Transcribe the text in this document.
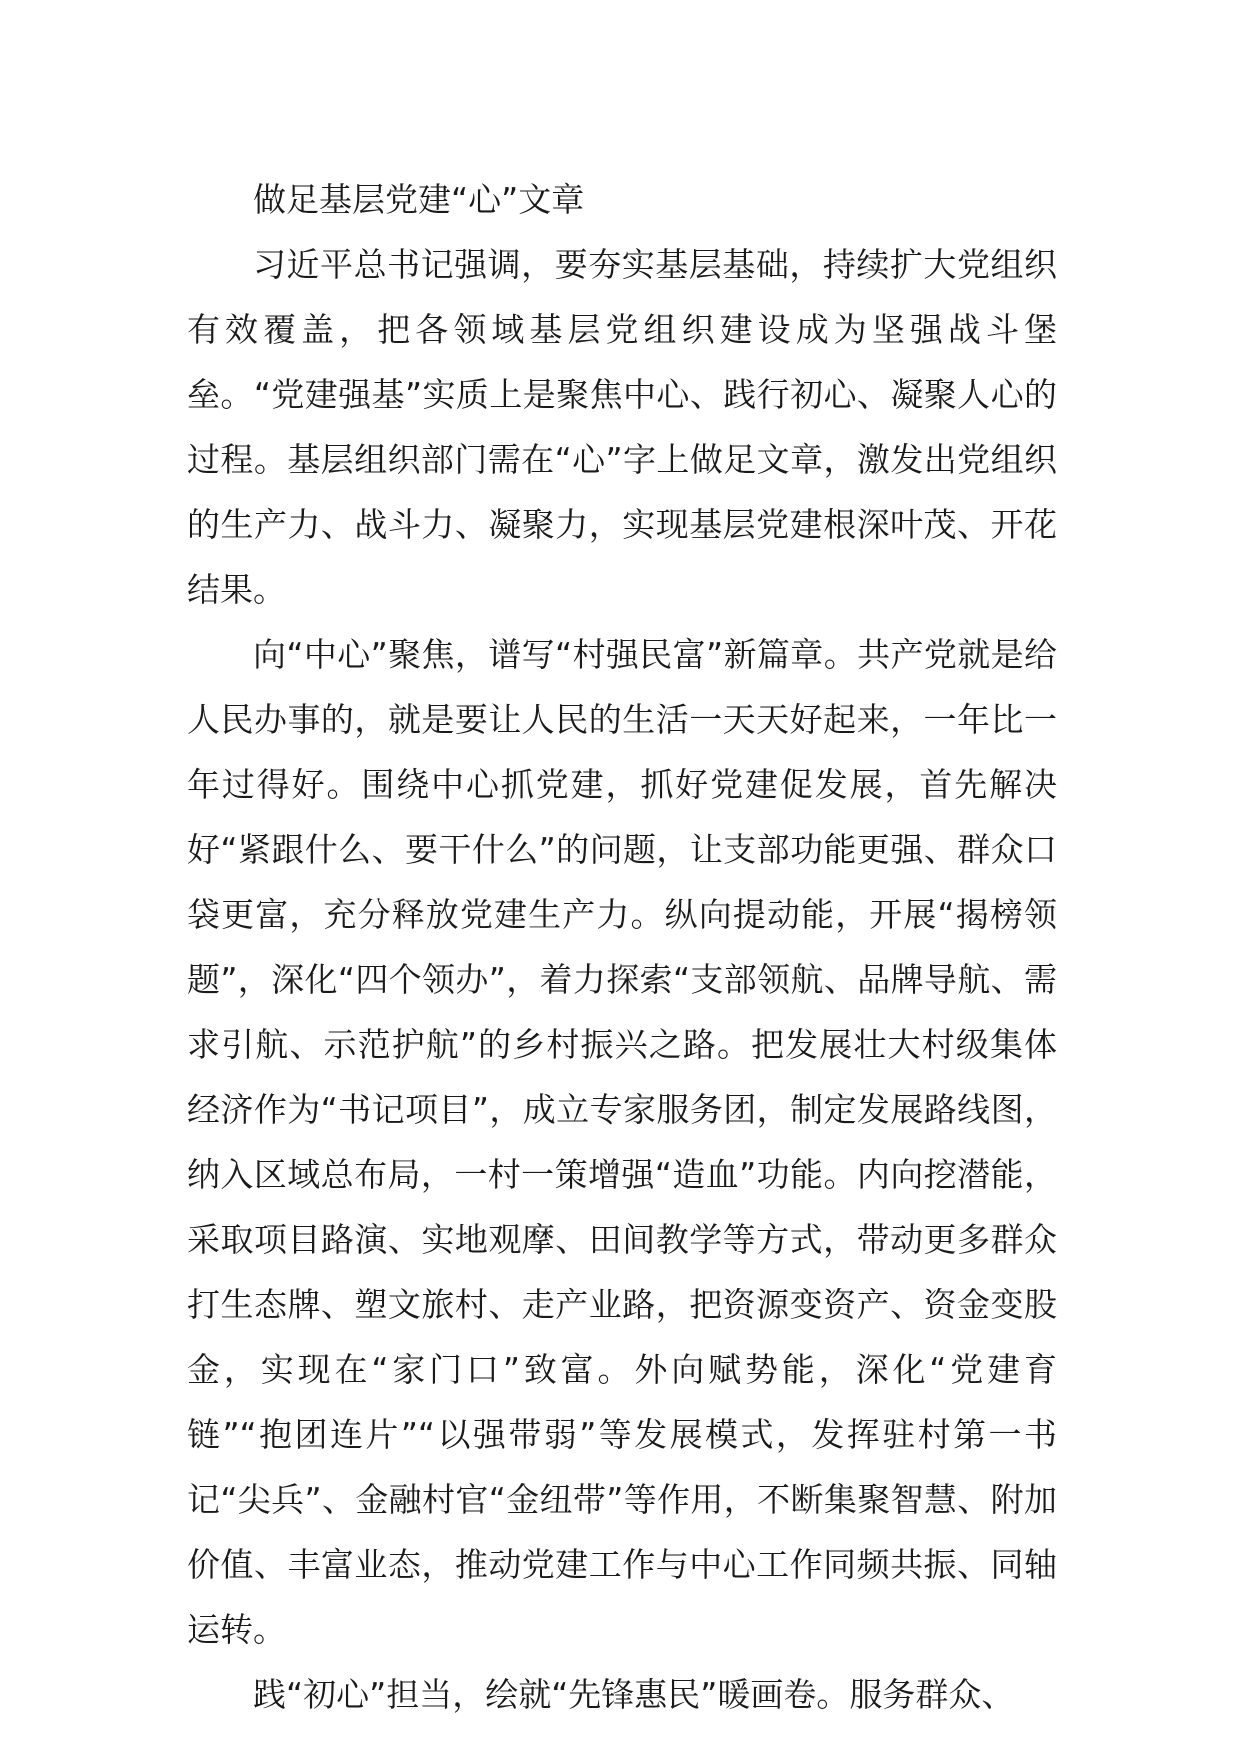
做足基层党建“心”文章

习近平总书记强调，要夯实基层基础，持续扩大党组织有效覆盖，把各领域基层党组织建设成为坚强战斗堡垒。“党建强基”实质上是聚焦中心、践行初心、凝聚人心的过程。基层组织部门需在“心”字上做足文章，激发出党组织的生产力、战斗力、凝聚力，实现基层党建根深叶茂、开花结果。

向“中心”聚焦，谱写“村强民富”新篇章。共产党就是给人民办事的，就是要让人民的生活一天天好起来，一年比一年过得好。围绕中心抓党建，抓好党建促发展，首先解决好“紧跟什么、要干什么”的问题，让支部功能更强、群众口袋更富，充分释放党建生产力。纵向提动能，开展“揭榜领题”，深化“四个领办”，着力探索“支部领航、品牌导航、需求引航、示范护航”的乡村振兴之路。把发展壮大村级集体经济作为“书记项目”，成立专家服务团，制定发展路线图，纳入区域总布局，一村一策增强“造血”功能。内向挖潜能，采取项目路演、实地观摩、田间教学等方式，带动更多群众打生态牌、塑文旅村、走产业路，把资源变资产、资金变股金，实现在“家门口”致富。外向赋势能，深化“党建育链”“抱团连片”“以强带弱”等发展模式，发挥驻村第一书记“尖兵”、金融村官“金纽带”等作用，不断集聚智慧、附加价值、丰富业态，推动党建工作与中心工作同频共振、同轴运转。

践“初心”担当，绘就“先锋惠民”暖画卷。服务群众、
